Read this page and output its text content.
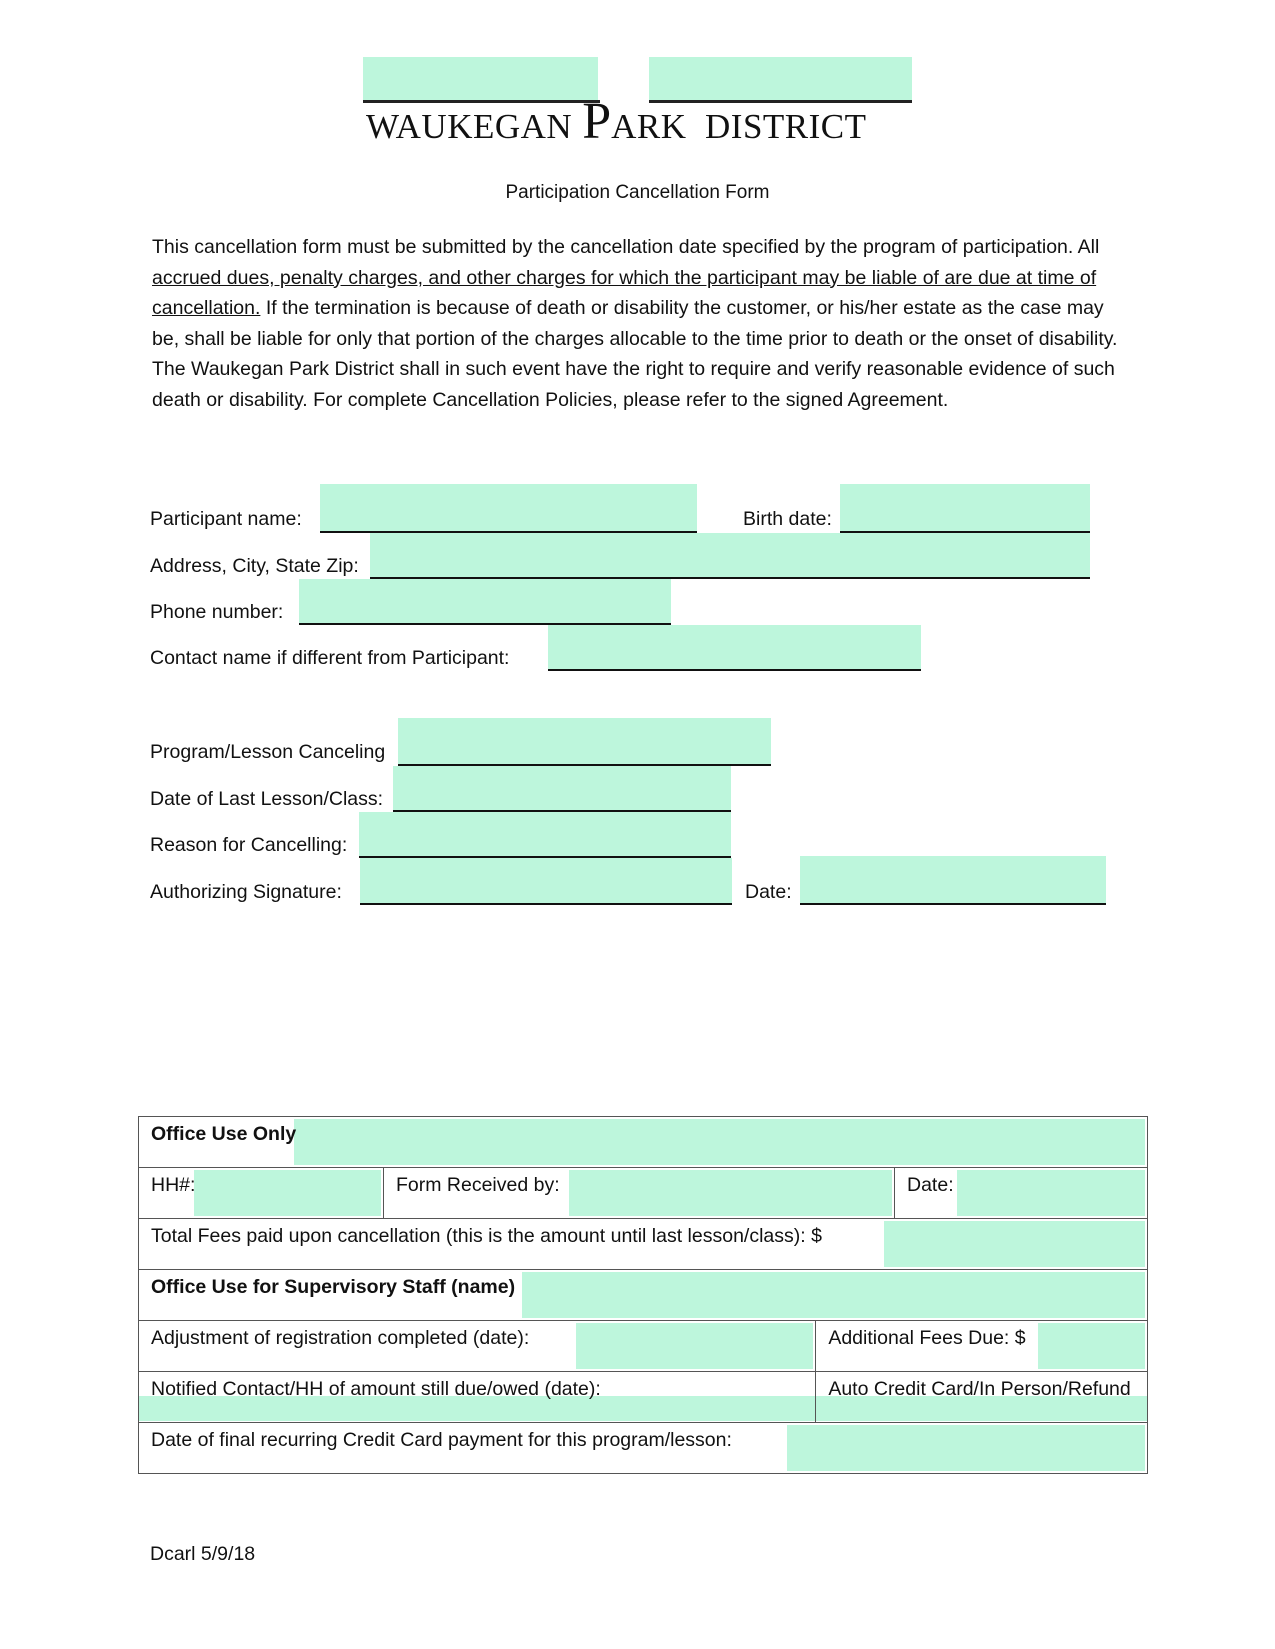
WAUKEGAN PARK  DISTRICT
Participation Cancellation Form
This cancellation form must be submitted by the cancellation date specified by the program of participation. All accrued dues, penalty charges, and other charges for which the participant may be liable of are due at time of cancellation. If the termination is because of death or disability the customer, or his/her estate as the case may be, shall be liable for only that portion of the charges allocable to the time prior to death or the onset of disability. The Waukegan Park District shall in such event have the right to require and verify reasonable evidence of such death or disability. For complete Cancellation Policies, please refer to the signed Agreement.
Participant name:	Birth date:
Address, City, State Zip:
Phone number:
Contact name if different from Participant:
Program/Lesson Canceling
Date of Last Lesson/Class:
Reason for Cancelling:
Authorizing Signature:	Date:
Office Use Only			

HH#:	Form Received by:		Date:

Total Fees paid upon cancellation (this is the amount until last lesson/class): $			

Office Use for Supervisory Staff (name)			

Adjustment of registration completed (date):		Additional Fees Due: $	

Notified Contact/HH of amount still due/owed (date):		Auto Credit Card/In Person/Refund	

Date of final recurring Credit Card payment for this program/lesson:			
Dcarl 5/9/18
